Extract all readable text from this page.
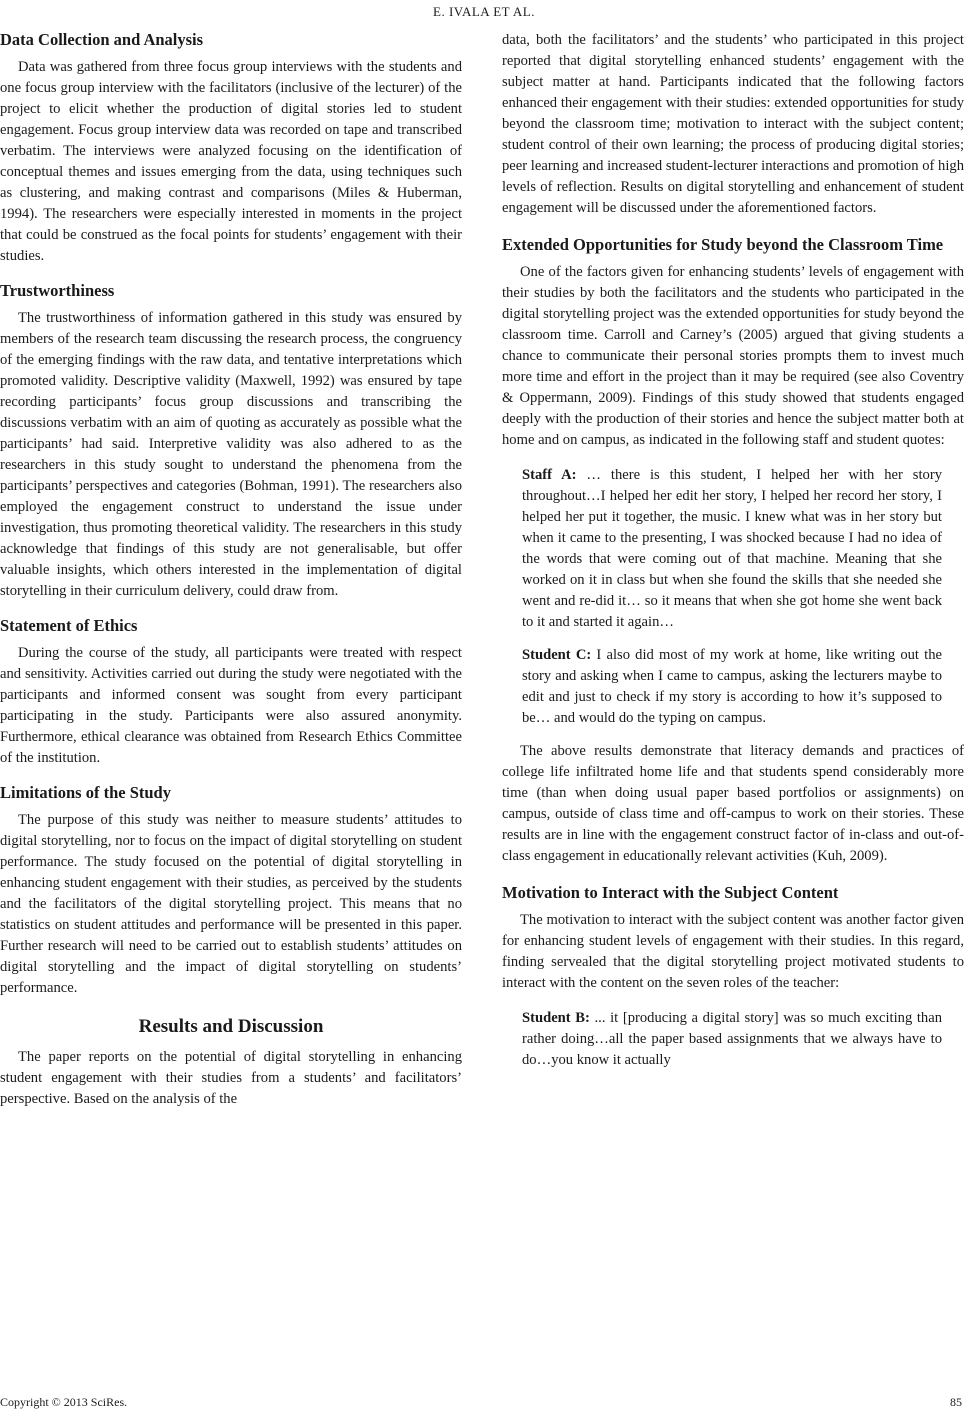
E. IVALA ET AL.
Data Collection and Analysis

Data was gathered from three focus group interviews with the students and one focus group interview with the facilitators (inclusive of the lecturer) of the project to elicit whether the production of digital stories led to student engagement. Focus group interview data was recorded on tape and transcribed verbatim. The interviews were analyzed focusing on the identification of conceptual themes and issues emerging from the data, using techniques such as clustering, and making contrast and comparisons (Miles & Huberman, 1994). The researchers were especially interested in moments in the project that could be construed as the focal points for students’ engagement with their studies.

Trustworthiness

The trustworthiness of information gathered in this study was ensured by members of the research team discussing the research process, the congruency of the emerging findings with the raw data, and tentative interpretations which promoted validity. Descriptive validity (Maxwell, 1992) was ensured by tape recording participants’ focus group discussions and transcribing the discussions verbatim with an aim of quoting as accurately as possible what the participants’ had said. Interpretive validity was also adhered to as the researchers in this study sought to understand the phenomena from the participants’ perspectives and categories (Bohman, 1991). The researchers also employed the engagement construct to understand the issue under investigation, thus promoting theoretical validity. The researchers in this study acknowledge that findings of this study are not generalisable, but offer valuable insights, which others interested in the implementation of digital storytelling in their curriculum delivery, could draw from.

Statement of Ethics

During the course of the study, all participants were treated with respect and sensitivity. Activities carried out during the study were negotiated with the participants and informed consent was sought from every participant participating in the study. Participants were also assured anonymity. Furthermore, ethical clearance was obtained from Research Ethics Committee of the institution.

Limitations of the Study

The purpose of this study was neither to measure students’ attitudes to digital storytelling, nor to focus on the impact of digital storytelling on student performance. The study focused on the potential of digital storytelling in enhancing student engagement with their studies, as perceived by the students and the facilitators of the digital storytelling project. This means that no statistics on student attitudes and performance will be presented in this paper. Further research will need to be carried out to establish students’ attitudes on digital storytelling and the impact of digital storytelling on students’ performance.

Results and Discussion

The paper reports on the potential of digital storytelling in enhancing student engagement with their studies from a students’ and facilitators’ perspective. Based on the analysis of the

data, both the facilitators’ and the students’ who participated in this project reported that digital storytelling enhanced students’ engagement with the subject matter at hand. Participants indicated that the following factors enhanced their engagement with their studies: extended opportunities for study beyond the classroom time; motivation to interact with the subject content; student control of their own learning; the process of producing digital stories; peer learning and increased student-lecturer interactions and promotion of high levels of reflection. Results on digital storytelling and enhancement of student engagement will be discussed under the aforementioned factors.

Extended Opportunities for Study beyond the Classroom Time

One of the factors given for enhancing students’ levels of engagement with their studies by both the facilitators and the students who participated in the digital storytelling project was the extended opportunities for study beyond the classroom time. Carroll and Carney’s (2005) argued that giving students a chance to communicate their personal stories prompts them to invest much more time and effort in the project than it may be required (see also Coventry & Oppermann, 2009). Findings of this study showed that students engaged deeply with the production of their stories and hence the subject matter both at home and on campus, as indicated in the following staff and student quotes:

Staff A: … there is this student, I helped her with her story throughout…I helped her edit her story, I helped her record her story, I helped her put it together, the music. I knew what was in her story but when it came to the presenting, I was shocked because I had no idea of the words that were coming out of that machine. Meaning that she worked on it in class but when she found the skills that she needed she went and re-did it… so it means that when she got home she went back to it and started it again…
Student C: I also did most of my work at home, like writing out the story and asking when I came to campus, asking the lecturers maybe to edit and just to check if my story is according to how it’s supposed to be… and would do the typing on campus.

The above results demonstrate that literacy demands and practices of college life infiltrated home life and that students spend considerably more time (than when doing usual paper based portfolios or assignments) on campus, outside of class time and off-campus to work on their stories. These results are in line with the engagement construct factor of in-class and out-of-class engagement in educationally relevant activities (Kuh, 2009).

Motivation to Interact with the Subject Content

The motivation to interact with the subject content was another factor given for enhancing student levels of engagement with their studies. In this regard, finding servealed that the digital storytelling project motivated students to interact with the content on the seven roles of the teacher:

Student B: ... it [producing a digital story] was so much exciting than rather doing…all the paper based assignments that we always have to do…you know it actually
Copyright © 2013 SciRes.	85
